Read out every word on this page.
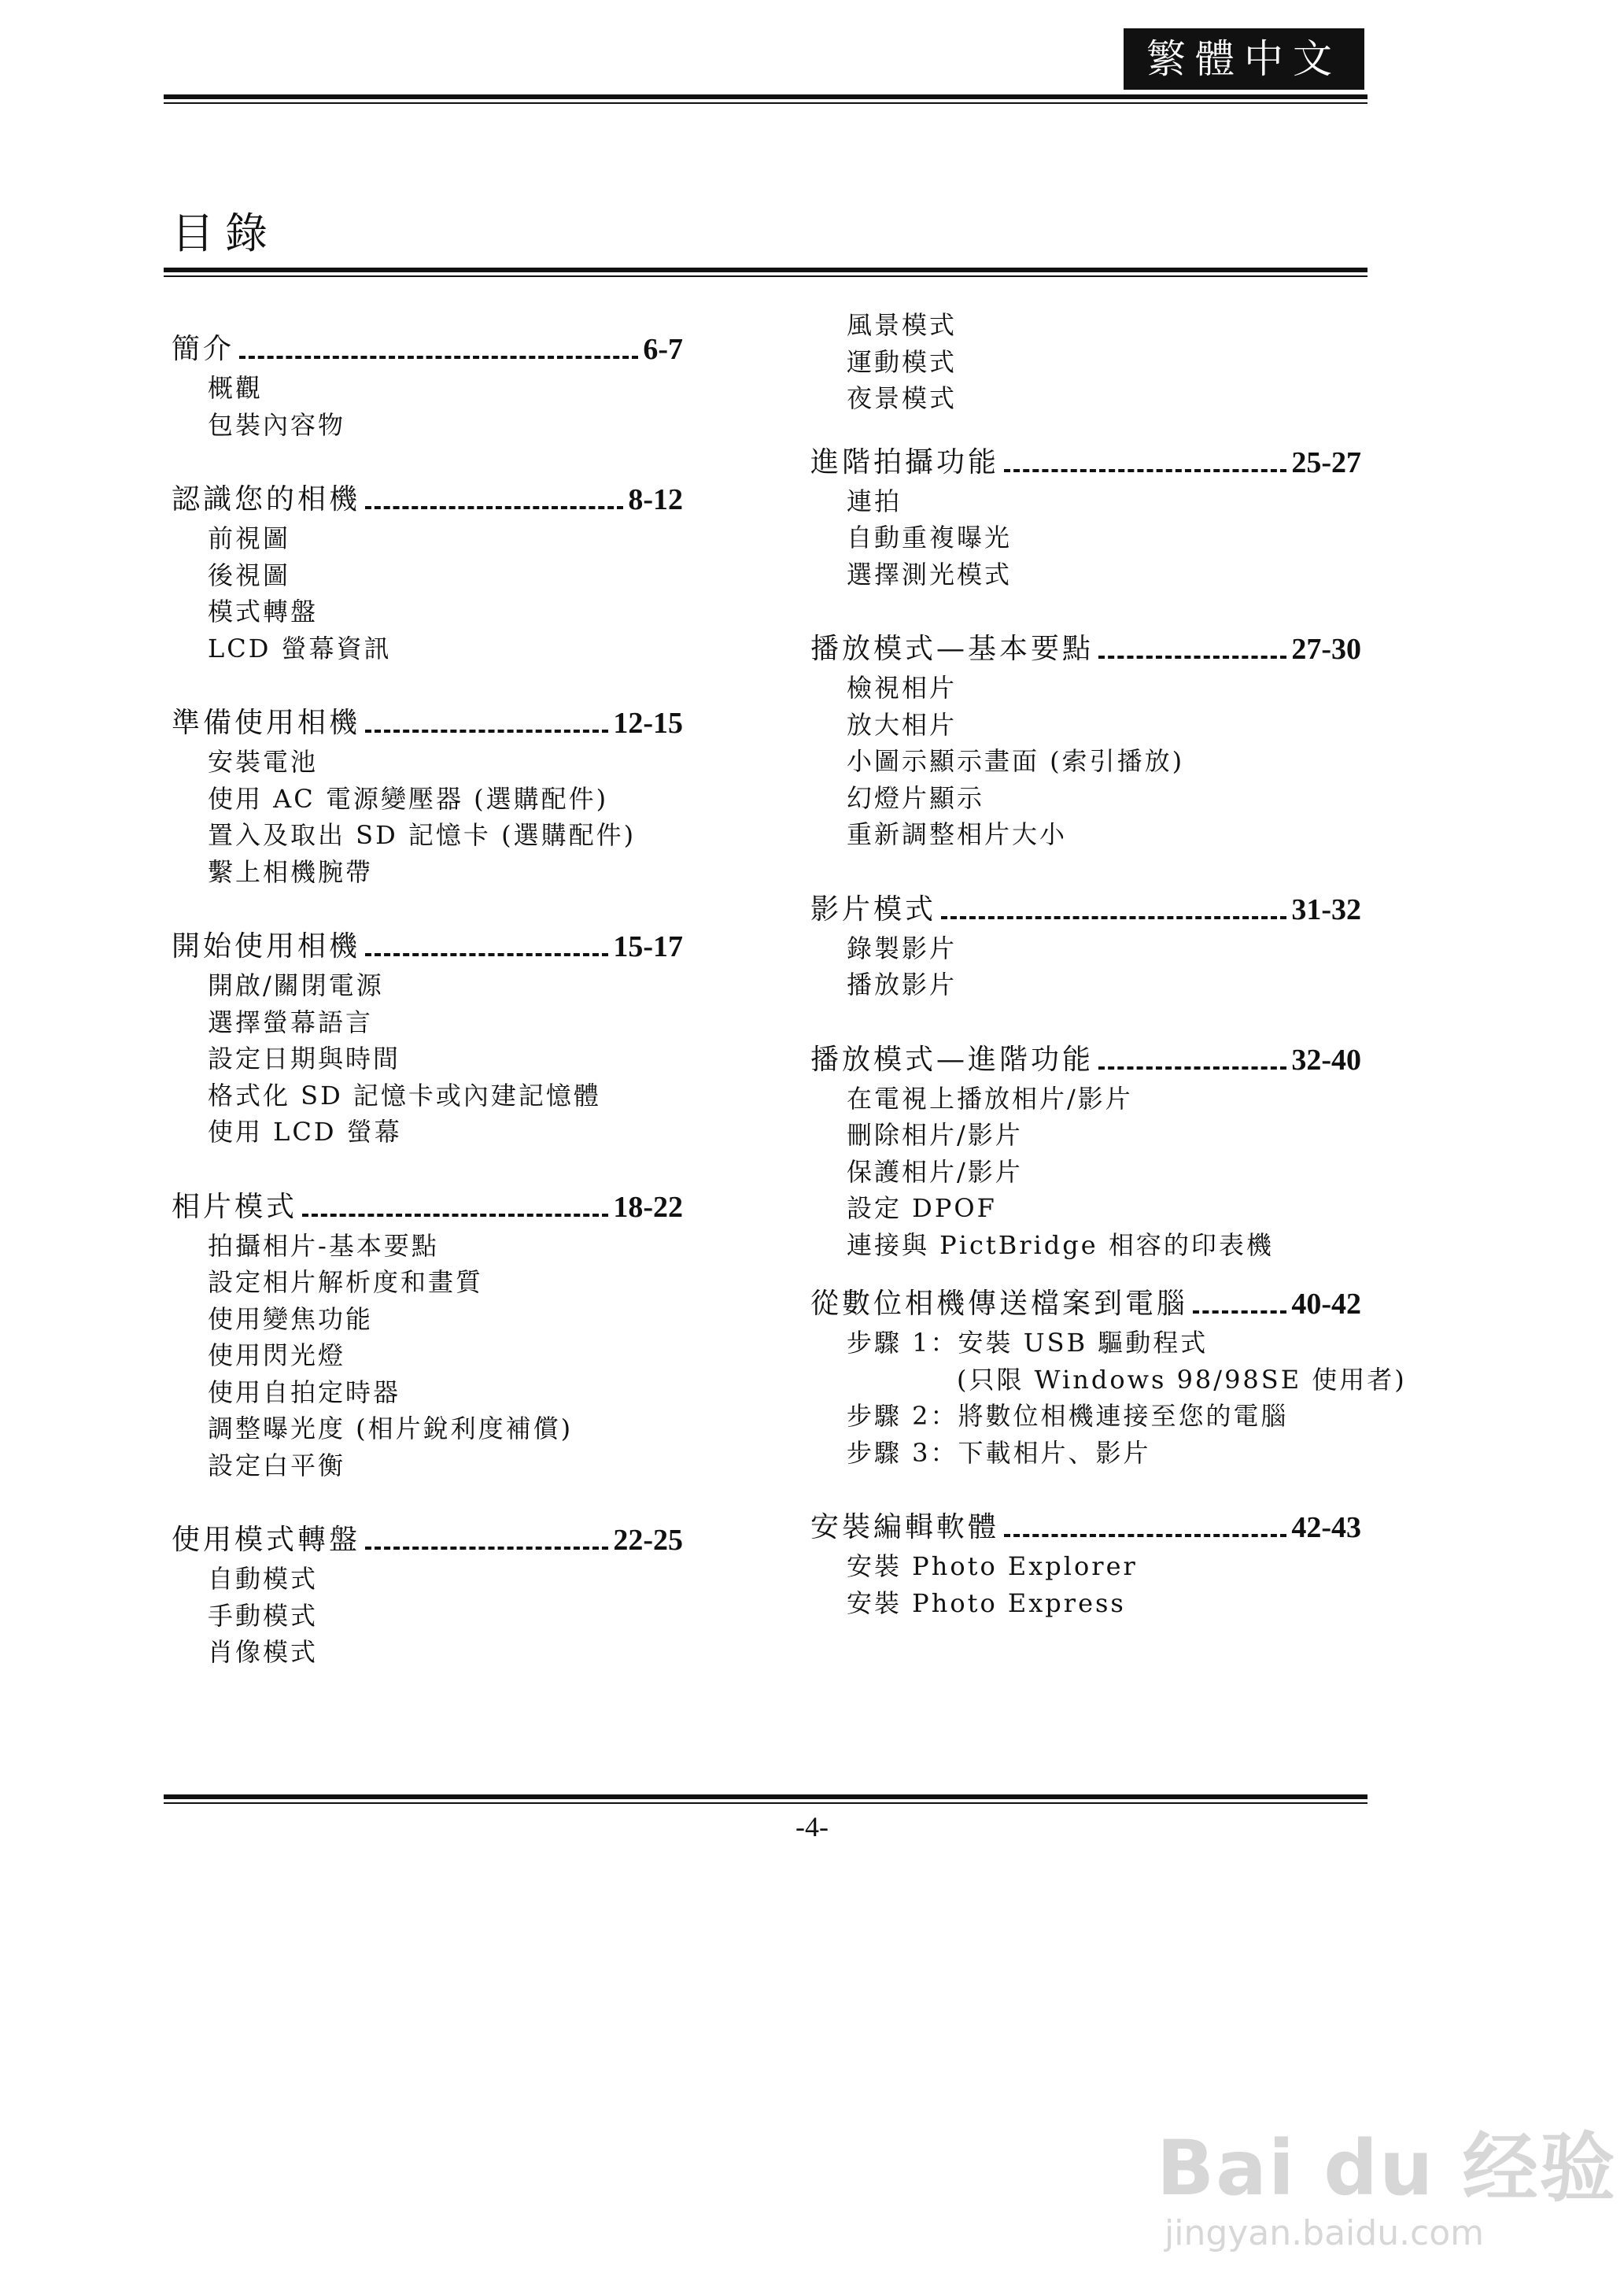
繁體中文
目錄
簡介	6-7
概觀
包裝內容物
認識您的相機	8-12
前視圖
後視圖
模式轉盤
LCD 螢幕資訊
準備使用相機	12-15
安裝電池
使用 AC 電源變壓器 (選購配件)
置入及取出 SD 記憶卡 (選購配件)
繫上相機腕帶
開始使用相機	15-17
開啟/關閉電源
選擇螢幕語言
設定日期與時間
格式化 SD 記憶卡或內建記憶體
使用 LCD 螢幕
相片模式	18-22
拍攝相片-基本要點
設定相片解析度和畫質
使用變焦功能
使用閃光燈
使用自拍定時器
調整曝光度 (相片銳利度補償)
設定白平衡
使用模式轉盤	22-25
自動模式
手動模式
肖像模式
風景模式
運動模式
夜景模式
進階拍攝功能	25-27
連拍
自動重複曝光
選擇測光模式
播放模式—基本要點	27-30
檢視相片
放大相片
小圖示顯示畫面 (索引播放)
幻燈片顯示
重新調整相片大小
影片模式	31-32
錄製影片
播放影片
播放模式—進階功能	32-40
在電視上播放相片/影片
刪除相片/影片
保護相片/影片
設定 DPOF
連接與 PictBridge 相容的印表機
從數位相機傳送檔案到電腦	40-42
步驟 1：安裝 USB 驅動程式
(只限 Windows 98/98SE 使用者)
步驟 2：將數位相機連接至您的電腦
步驟 3：下載相片、影片
安裝編輯軟體	42-43
安裝 Photo Explorer
安裝 Photo Express
-4-
Bai du 经验
jingyan.baidu.com
